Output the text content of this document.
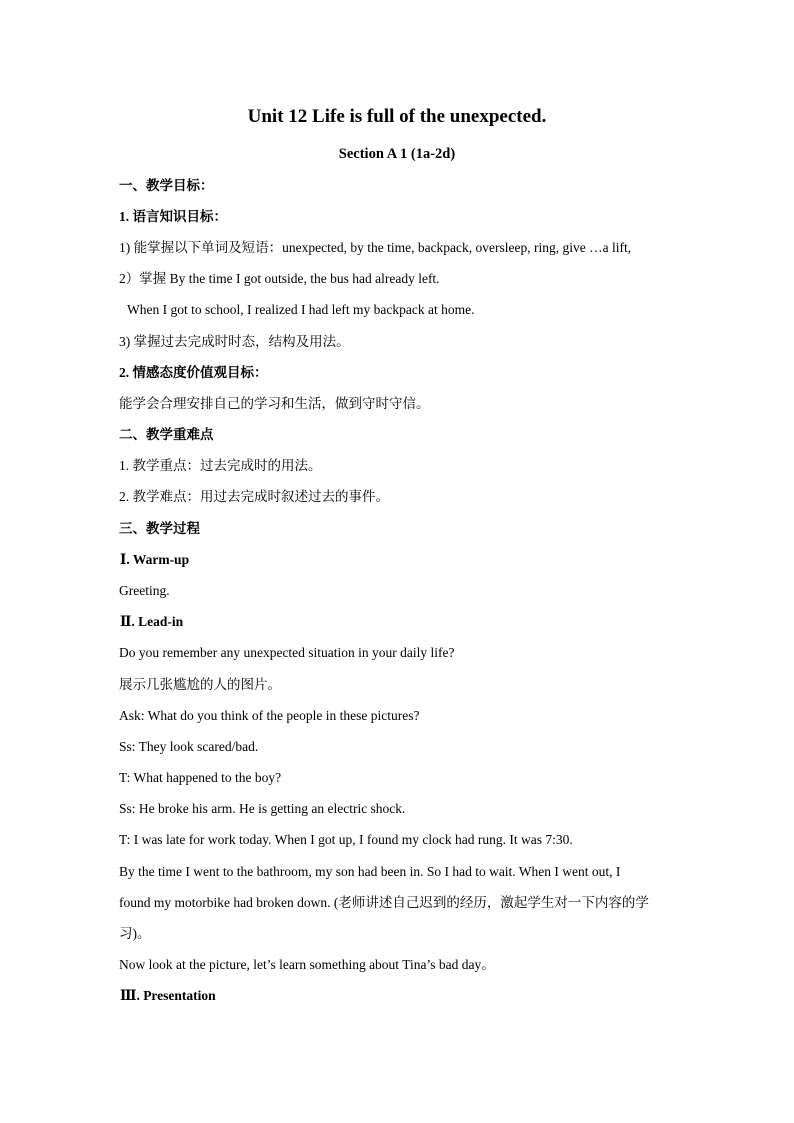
Unit 12 Life is full of the unexpected.
Section A 1 (1a-2d)
一、教学目标：
1. 语言知识目标：
1) 能掌握以下单词及短语：unexpected, by the time, backpack, oversleep, ring, give …a lift,
2）掌握 By the time I got outside, the bus had already left.
When I got to school, I realized I had left my backpack at home.
3) 掌握过去完成时时态，结构及用法。
2. 情感态度价值观目标：
能学会合理安排自己的学习和生活，做到守时守信。
二、教学重难点
1. 教学重点：过去完成时的用法。
2. 教学难点：用过去完成时叙述过去的事件。
三、教学过程
Ⅰ. Warm-up
Greeting.
Ⅱ. Lead-in
Do you remember any unexpected situation in your daily life?
展示几张尴尬的人的图片。
Ask: What do you think of the people in these pictures?
Ss: They look scared/bad.
T: What happened to the boy?
Ss: He broke his arm. He is getting an electric shock.
T: I was late for work today. When I got up, I found my clock had rung. It was 7:30.
By the time I went to the bathroom, my son had been in. So I had to wait. When I went out, I
found my motorbike had broken down. (老师讲述自己迟到的经历，激起学生对一下内容的学
习)。
Now look at the picture, let’s learn something about Tina’s bad day。
Ⅲ. Presentation
